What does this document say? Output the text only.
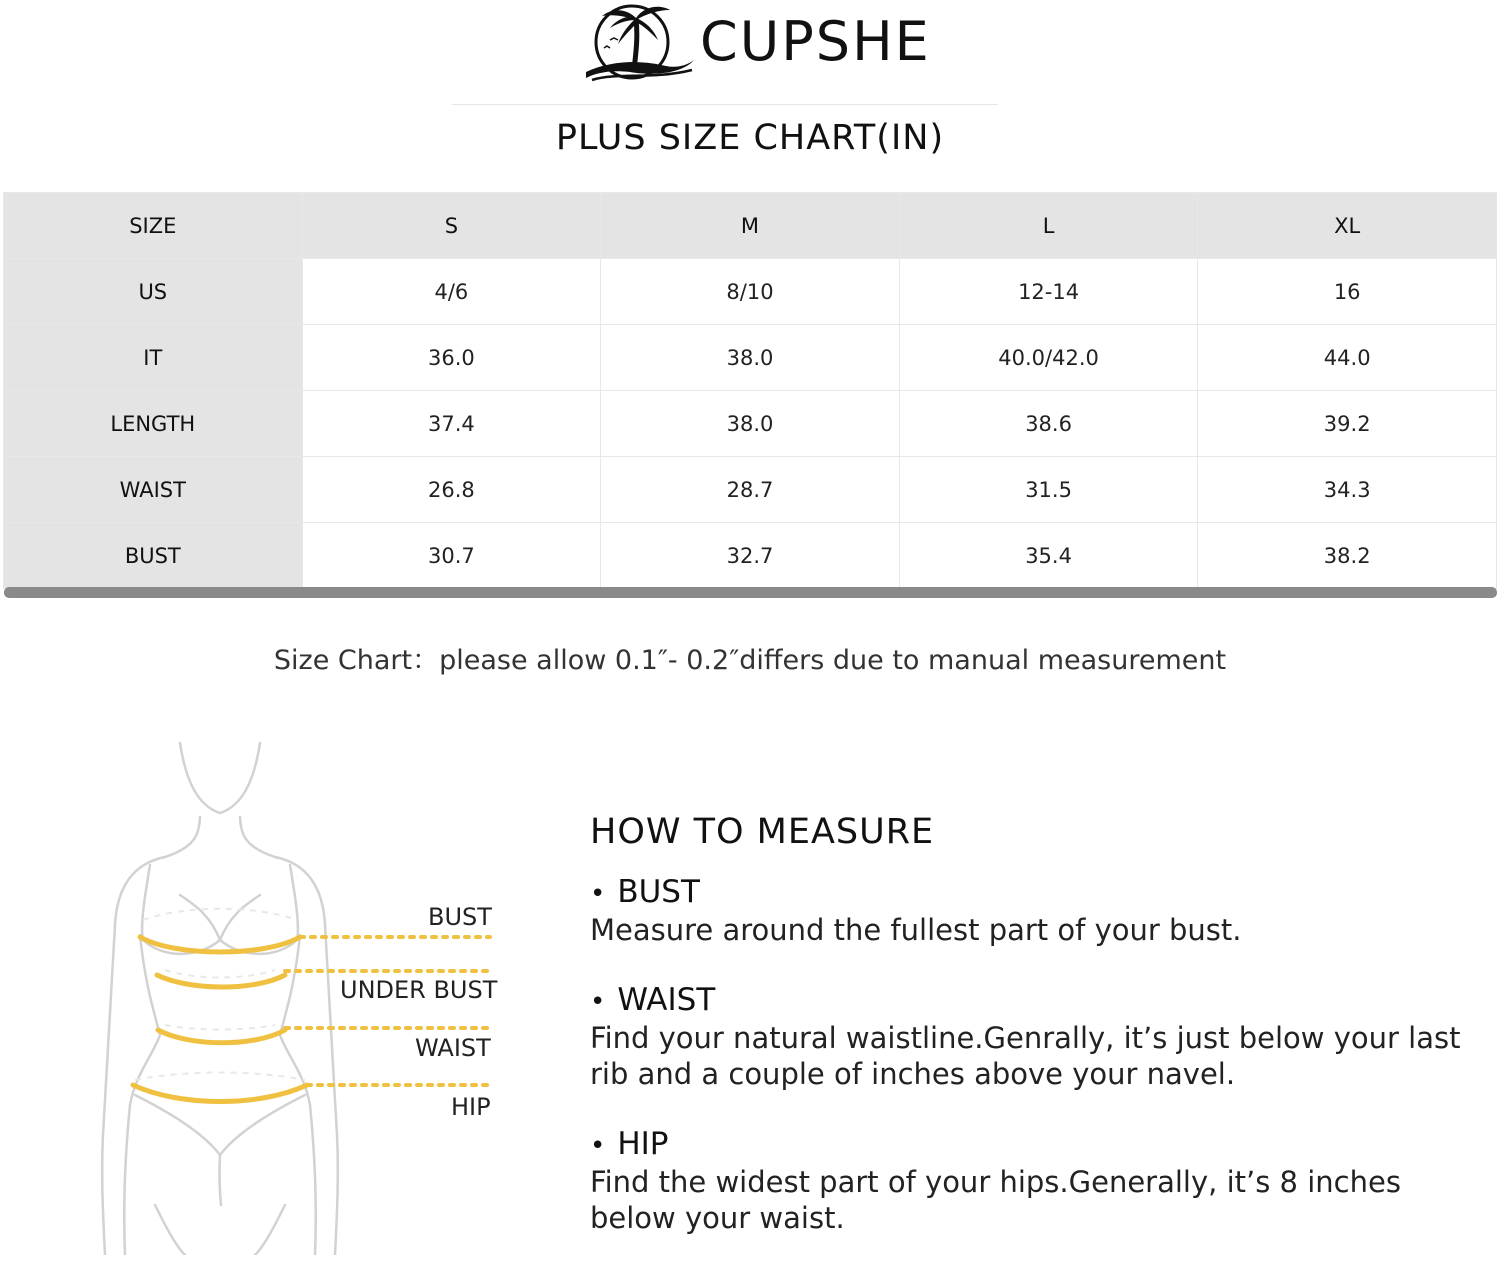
CUPSHE
PLUS SIZE CHART(IN)
SIZE	S	M	L	XL
US	4/6	8/10	12-14	16
IT	36.0	38.0	40.0/42.0	44.0
LENGTH	37.4	38.0	38.6	39.2
WAIST	26.8	28.7	31.5	34.3
BUST	30.7	32.7	35.4	38.2
Size Chart：please allow 0.1″- 0.2″differs due to manual measurement
BUST
UNDER BUST
WAIST
HIP
HOW TO MEASURE
• BUST
Measure around the fullest part of your bust.
• WAIST
Find your natural waistline.Genrally, it’s just below your last rib and a couple of inches above your navel.
• HIP
Find the widest part of your hips.Generally, it’s 8 inches below your waist.
